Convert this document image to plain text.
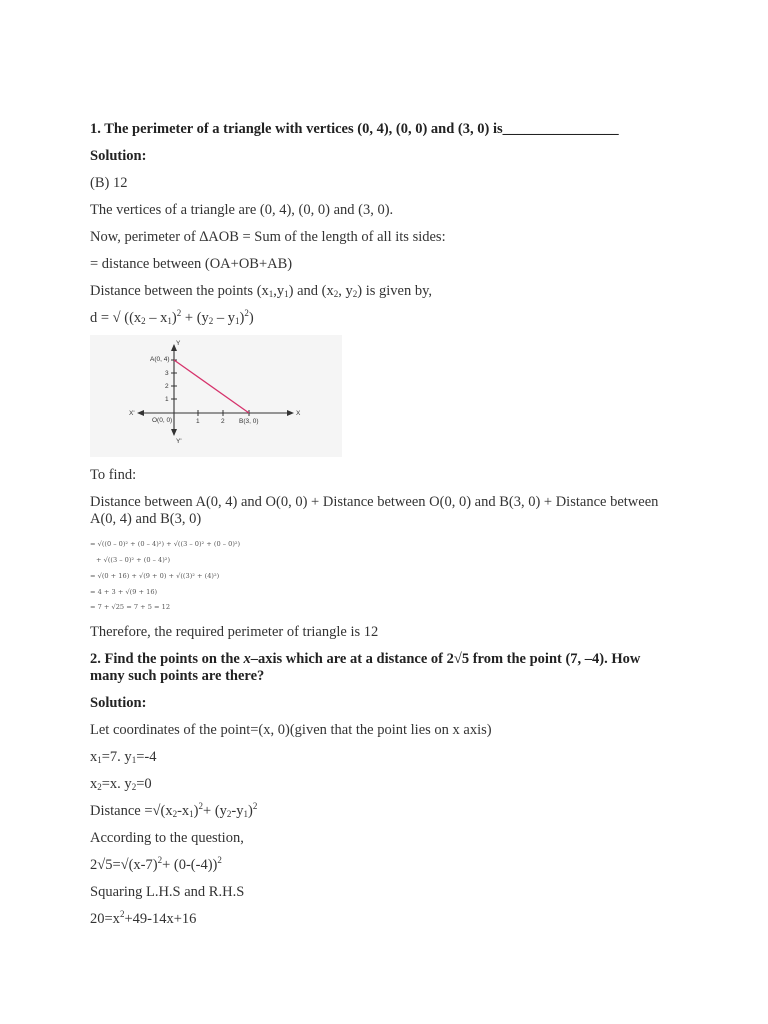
1. The perimeter of a triangle with vertices (0, 4), (0, 0) and (3, 0) is________________
Solution:
(B) 12
The vertices of a triangle are (0, 4), (0, 0) and (3, 0).
Now, perimeter of ∆AOB = Sum of the length of all its sides:
= distance between (OA+OB+AB)
Distance between the points $(x_1,y_1)$ and ($x_2$, $y_2$) is given by,
d = √ $((x_2 - x_1)^2 + (y_2 - y_1)^2)$
Y
Y'
X
X'
A(0, 4)
O(0, 0)	B(3, 0)
3
2
1
1	2
To find:
Distance between A(0, 4) and O(0, 0) + Distance between O(0, 0) and B(3, 0) + Distance between A(0, 4) and B(3, 0)
= √((0 – 0)² + (0 – 4)²) + √((3 – 0)² + (0 – 0)²)
+ √((3 – 0)² + (0 – 4)²)
= √(0 + 16) + √(9 + 0) + √((3)² + (4)²)
= 4 + 3 + √(9 + 16)
= 7 + √25 = 7 + 5 = 12
Therefore, the required perimeter of triangle is 12
2. Find the points on the x–axis which are at a distance of 2√5 from the point (7, –4). How many such points are there?
Solution:
Let coordinates of the point=(x, 0)(given that the point lies on x axis)
$x_1=7$. $y_1=-4$
$x_2=x$. $y_2=0$
Distance $=√(x_2-x_1)^2+ (y_2-y_1)^2$
According to the question,
$2√5=√(x-7)^2+ (0-(-4))^2$
Squaring L.H.S and R.H.S
$20=x^2+49-14x+16$
